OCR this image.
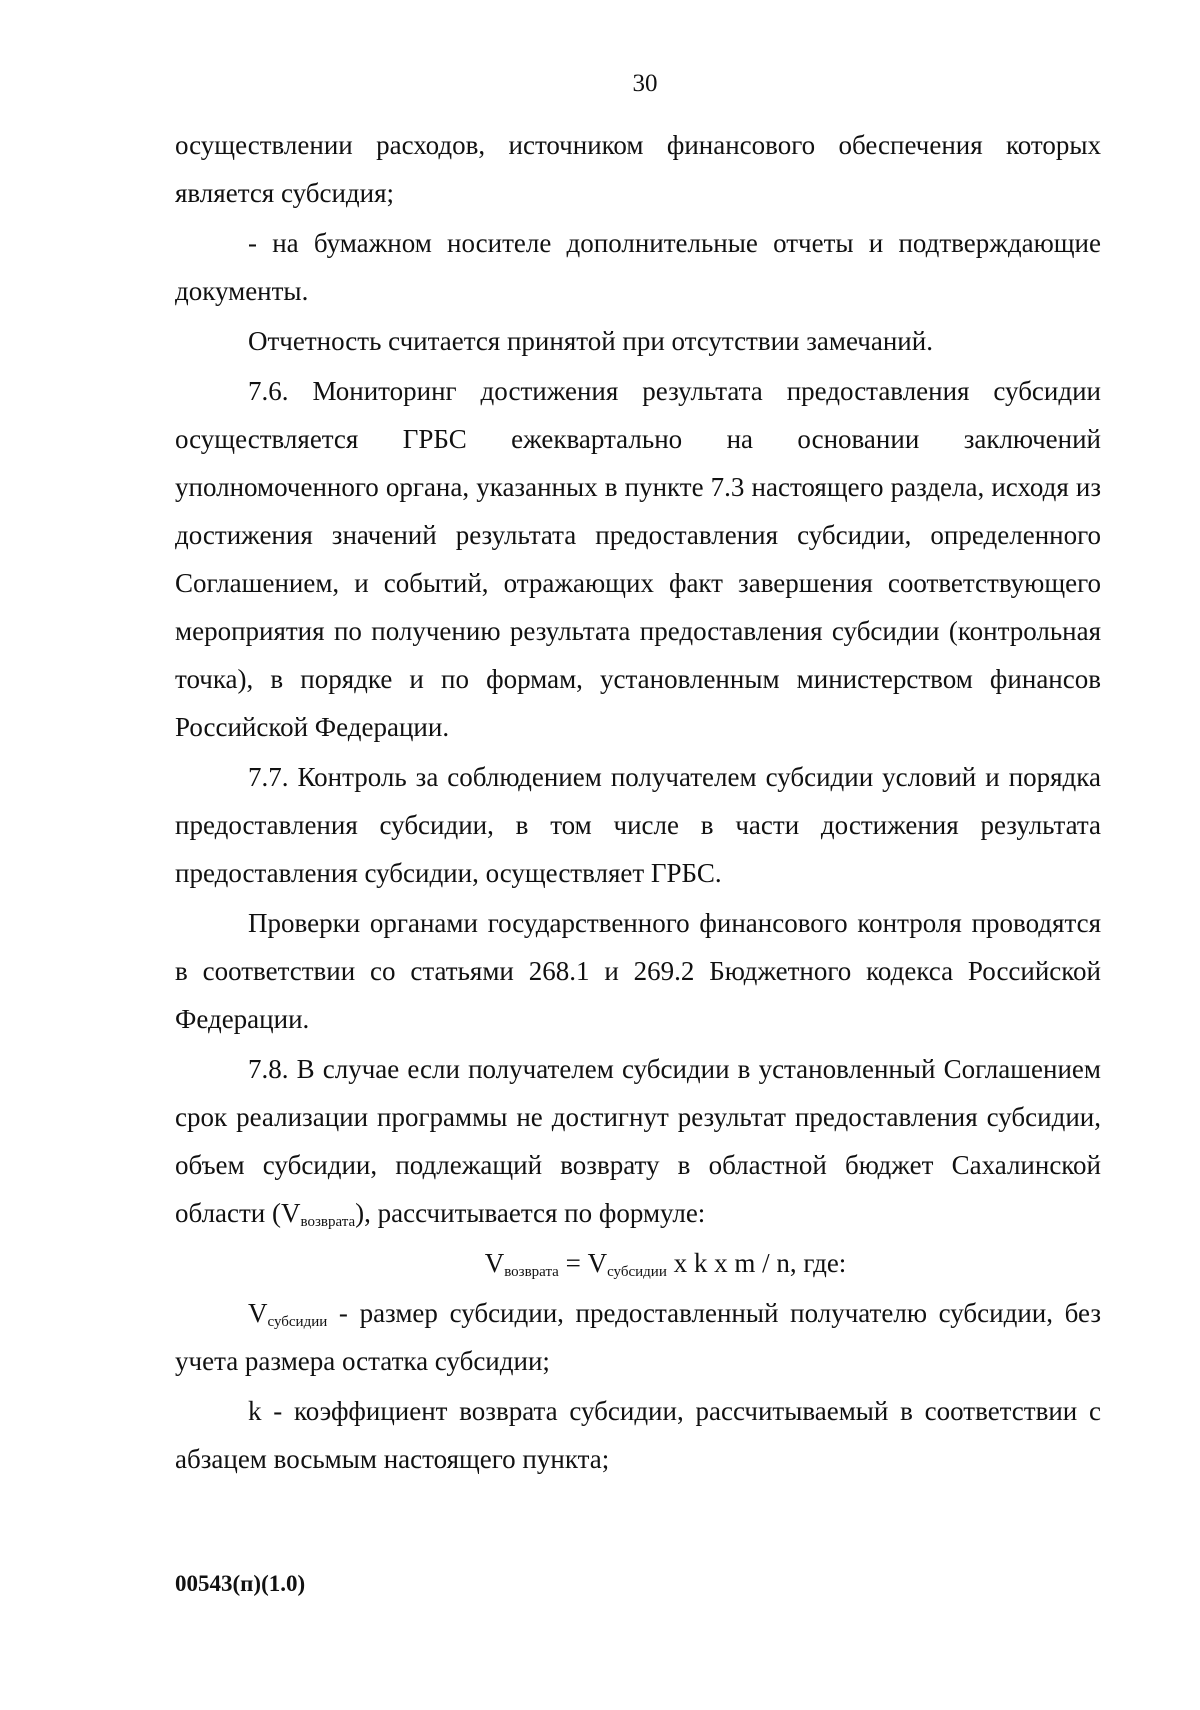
30

осуществлении расходов, источником финансового обеспечения которых является субсидия;

- на бумажном носителе дополнительные отчеты и подтверждающие документы.

Отчетность считается принятой при отсутствии замечаний.

7.6. Мониторинг достижения результата предоставления субсидии осуществляется ГРБС ежеквартально на основании заключений уполномоченного органа, указанных в пункте 7.3 настоящего раздела, исходя из достижения значений результата предоставления субсидии, определенного Соглашением, и событий, отражающих факт завершения соответствующего мероприятия по получению результата предоставления субсидии (контрольная точка), в порядке и по формам, установленным министерством финансов Российской Федерации.

7.7. Контроль за соблюдением получателем субсидии условий и порядка предоставления субсидии, в том числе в части достижения результата предоставления субсидии, осуществляет ГРБС.

Проверки органами государственного финансового контроля проводятся в соответствии со статьями 268.1 и 269.2 Бюджетного кодекса Российской Федерации.

7.8. В случае если получателем субсидии в установленный Соглашением срок реализации программы не достигнут результат предоставления субсидии, объем субсидии, подлежащий возврату в областной бюджет Сахалинской области $(V_{возврата})$, рассчитывается по формуле:

$V_{возврата} = V_{субсидии}$ x k x m / n, где:

$V_{субсидии}$ - размер субсидии, предоставленный получателю субсидии, без учета размера остатка субсидии;

k - коэффициент возврата субсидии, рассчитываемый в соответствии с абзацем восьмым настоящего пункта;

00543(п)(1.0)
